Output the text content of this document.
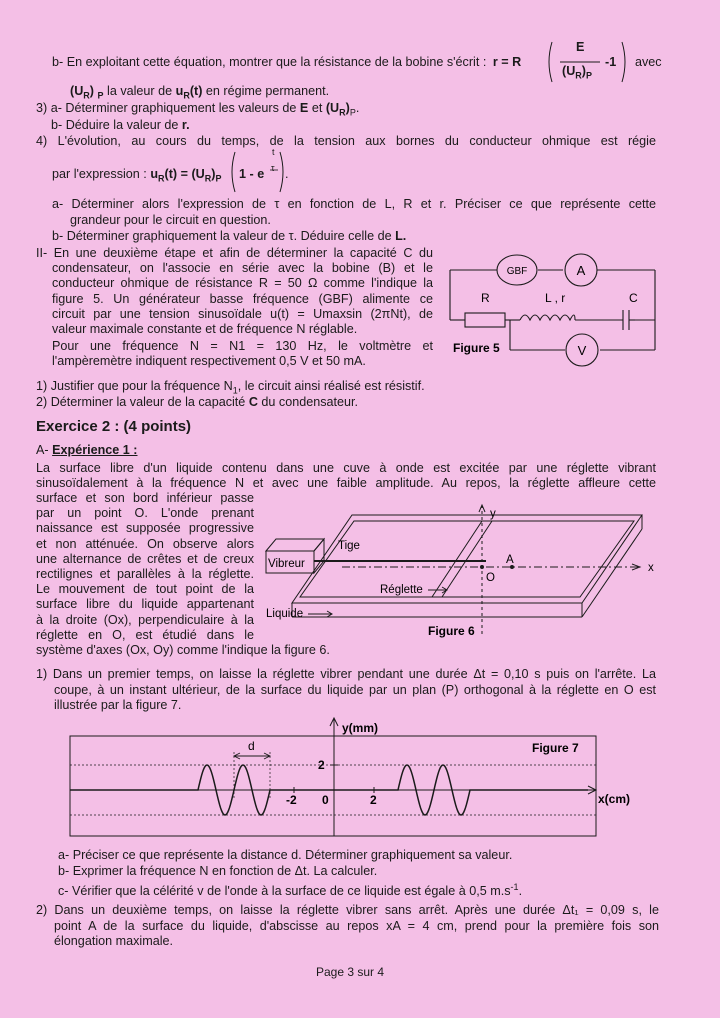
b- En exploitant cette équation, montrer que la résistance de la bobine s'écrit : r = R
E
$(U_R)_P$
-1 avec
$(U_R)$ $_P$ la valeur de $u_R(t)$ en régime permanent.
3) a- Déterminer graphiquement les valeurs de E et $(U_R)_P$.
b- Déduire la valeur de r.
4) L'évolution, au cours du temps, de la tension aux bornes du conducteur ohmique est régie
par l'expression : $u_R(t) = (U_R)_P$ 1 - e
t
τ .
a- Déterminer alors l'expression de τ en fonction de L, R et r. Préciser ce que représente cette
grandeur pour le circuit en question.
b- Déterminer graphiquement la valeur de τ. Déduire celle de L.
II- En une deuxième étape et afin de déterminer la capacité C du
condensateur, on l'associe en série avec la bobine (B) et le
conducteur ohmique de résistance R = 50 Ω comme l'indique la
figure 5. Un générateur basse fréquence (GBF) alimente ce
circuit par une tension sinusoïdale u(t) = Umaxsin (2πNt), de
valeur maximale constante et de fréquence N réglable.
Pour une fréquence N = N1 = 130 Hz, le voltmètre et
l'ampèremètre indiquent respectivement 0,5 V et 50 mA.
1) Justifier que pour la fréquence $N_1$, le circuit ainsi réalisé est résistif.
2) Déterminer la valeur de la capacité C du condensateur.
GBF	A
V
R	L , r	C
Figure 5
Exercice 2 : (4 points)
A- Expérience 1 :
La surface libre d'un liquide contenu dans une cuve à onde est excitée par une réglette vibrant
sinusoïdalement à la fréquence N et avec une faible amplitude. Au repos, la réglette affleure cette
surface et son bord inférieur passe
par un point O. L'onde prenant
naissance est supposée progressive
et non atténuée. On observe alors
une alternance de crêtes et de creux
rectilignes et parallèles à la réglette.
Le mouvement de tout point de la
surface libre du liquide appartenant
à la droite (Ox), perpendiculaire à la
réglette en O, est étudié dans le
système d'axes (Ox, Oy) comme l'indique la figure 6.
Vibreur
Tige
Réglette
Liquide
A
O
x
y
Figure 6
1) Dans un premier temps, on laisse la réglette vibrer pendant une durée Δt = 0,10 s puis on l'arrête. La
coupe, à un instant ultérieur, de la surface du liquide par un plan (P) orthogonal à la réglette en O est
illustrée par la figure 7.
d
y(mm)
x(cm)
2
-2 0	2
Figure 7
a- Préciser ce que représente la distance d. Déterminer graphiquement sa valeur.
b- Exprimer la fréquence N en fonction de Δt. La calculer.
c- Vérifier que la célérité v de l'onde à la surface de ce liquide est égale à 0,5 $m.s^{-1}$.
2) Dans un deuxième temps, on laisse la réglette vibrer sans arrêt. Après une durée Δt₁ = 0,09 s, le
point A de la surface du liquide, d'abscisse au repos xA = 4 cm, prend pour la première fois son
élongation maximale.
Page 3 sur 4
